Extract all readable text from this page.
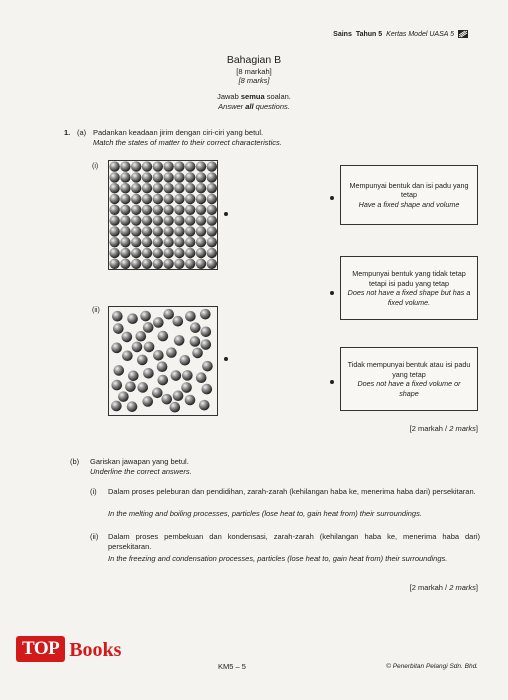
Sains Tahun 5 Kertas Model UASA 5
Bahagian B
[8 markah]
[8 marks]
Jawab semua soalan.
Answer all questions.
1. (a) Padankan keadaan jirim dengan ciri-ciri yang betul.
Match the states of matter to their correct characteristics.
(i)
(ii)
Mempunyai bentuk dan isi padu yang tetap
Have a fixed shape and volume
Mempunyai bentuk yang tidak tetap tetapi isi padu yang tetap
Does not have a fixed shape but has a fixed volume.
Tidak mempunyai bentuk atau isi padu yang tetap
Does not have a fixed volume or shape
[2 markah / 2 marks]
(b) Gariskan jawapan yang betul.
Underline the correct answers.
(i) Dalam proses peleburan dan pendidihan, zarah-zarah (kehilangan haba ke, menerima haba dari) persekitaran.
In the melting and boiling processes, particles (lose heat to, gain heat from) their surroundings.
(ii) Dalam proses pembekuan dan kondensasi, zarah-zarah (kehilangan haba ke, menerima haba dari) persekitaran.
In the freezing and condensation processes, particles (lose heat to, gain heat from) their surroundings.
[2 markah / 2 marks]
KM5 – 5	© Penerbitan Pelangi Sdn. Bhd.
TOP Books
